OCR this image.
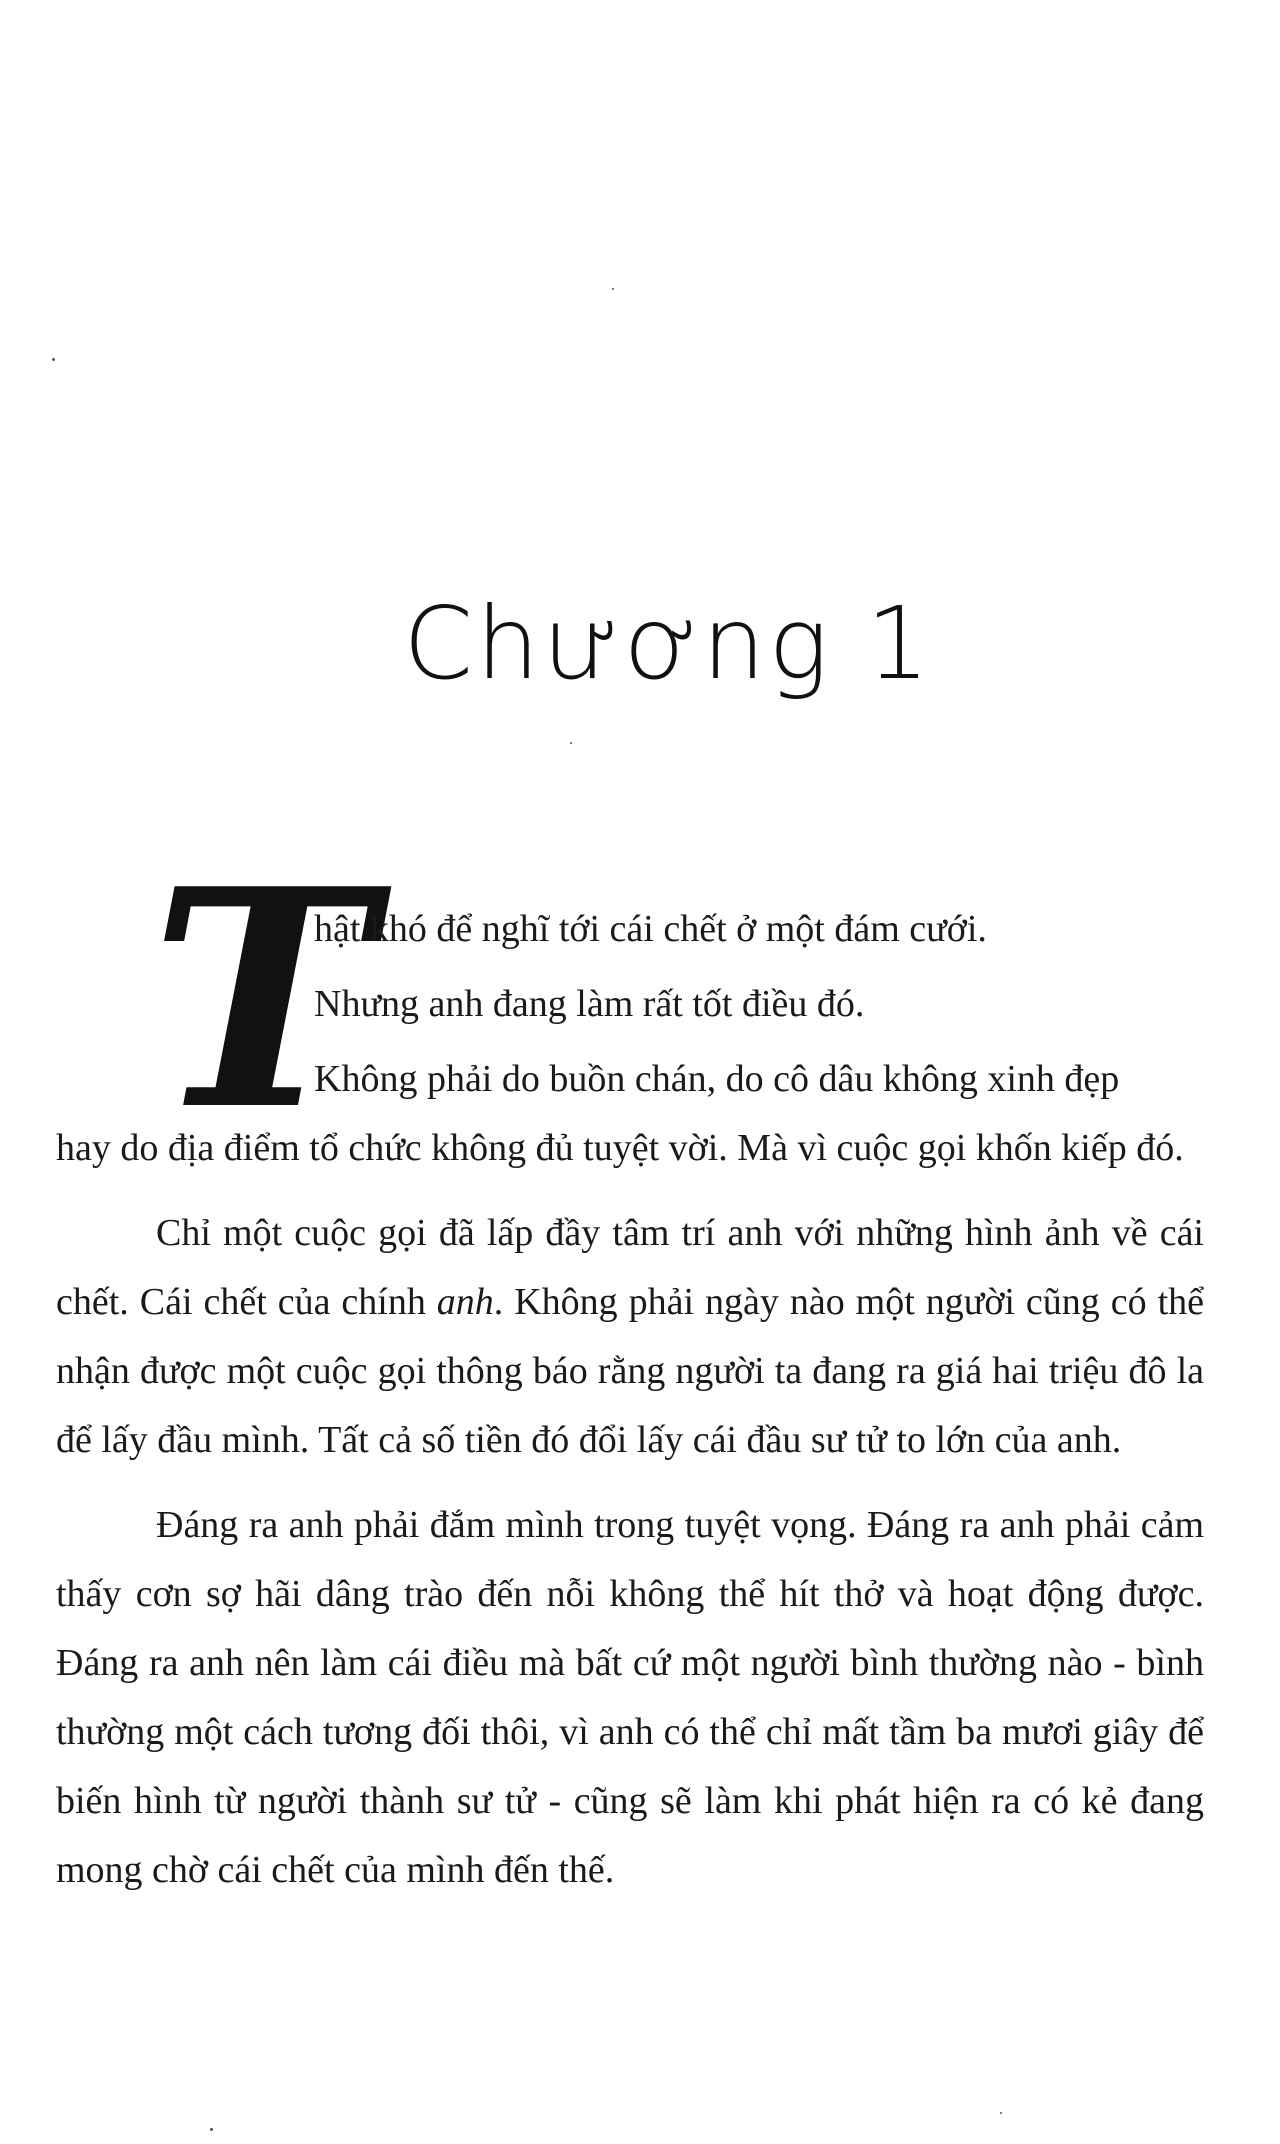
Chương 1
T

hật khó để nghĩ tới cái chết ở một đám cưới.

Nhưng anh đang làm rất tốt điều đó.

Không phải do buồn chán, do cô dâu không xinh đẹp

hay do địa điểm tổ chức không đủ tuyệt vời. Mà vì cuộc gọi khốn kiếp đó.

Chỉ một cuộc gọi đã lấp đầy tâm trí anh với những hình ảnh về cái chết. Cái chết của chính anh. Không phải ngày nào một người cũng có thể nhận được một cuộc gọi thông báo rằng người ta đang ra giá hai triệu đô la để lấy đầu mình. Tất cả số tiền đó đổi lấy cái đầu sư tử to lớn của anh.

Đáng ra anh phải đắm mình trong tuyệt vọng. Đáng ra anh phải cảm thấy cơn sợ hãi dâng trào đến nỗi không thể hít thở và hoạt động được. Đáng ra anh nên làm cái điều mà bất cứ một người bình thường nào - bình thường một cách tương đối thôi, vì anh có thể chỉ mất tầm ba mươi giây để biến hình từ người thành sư tử - cũng sẽ làm khi phát hiện ra có kẻ đang mong chờ cái chết của mình đến thế.
